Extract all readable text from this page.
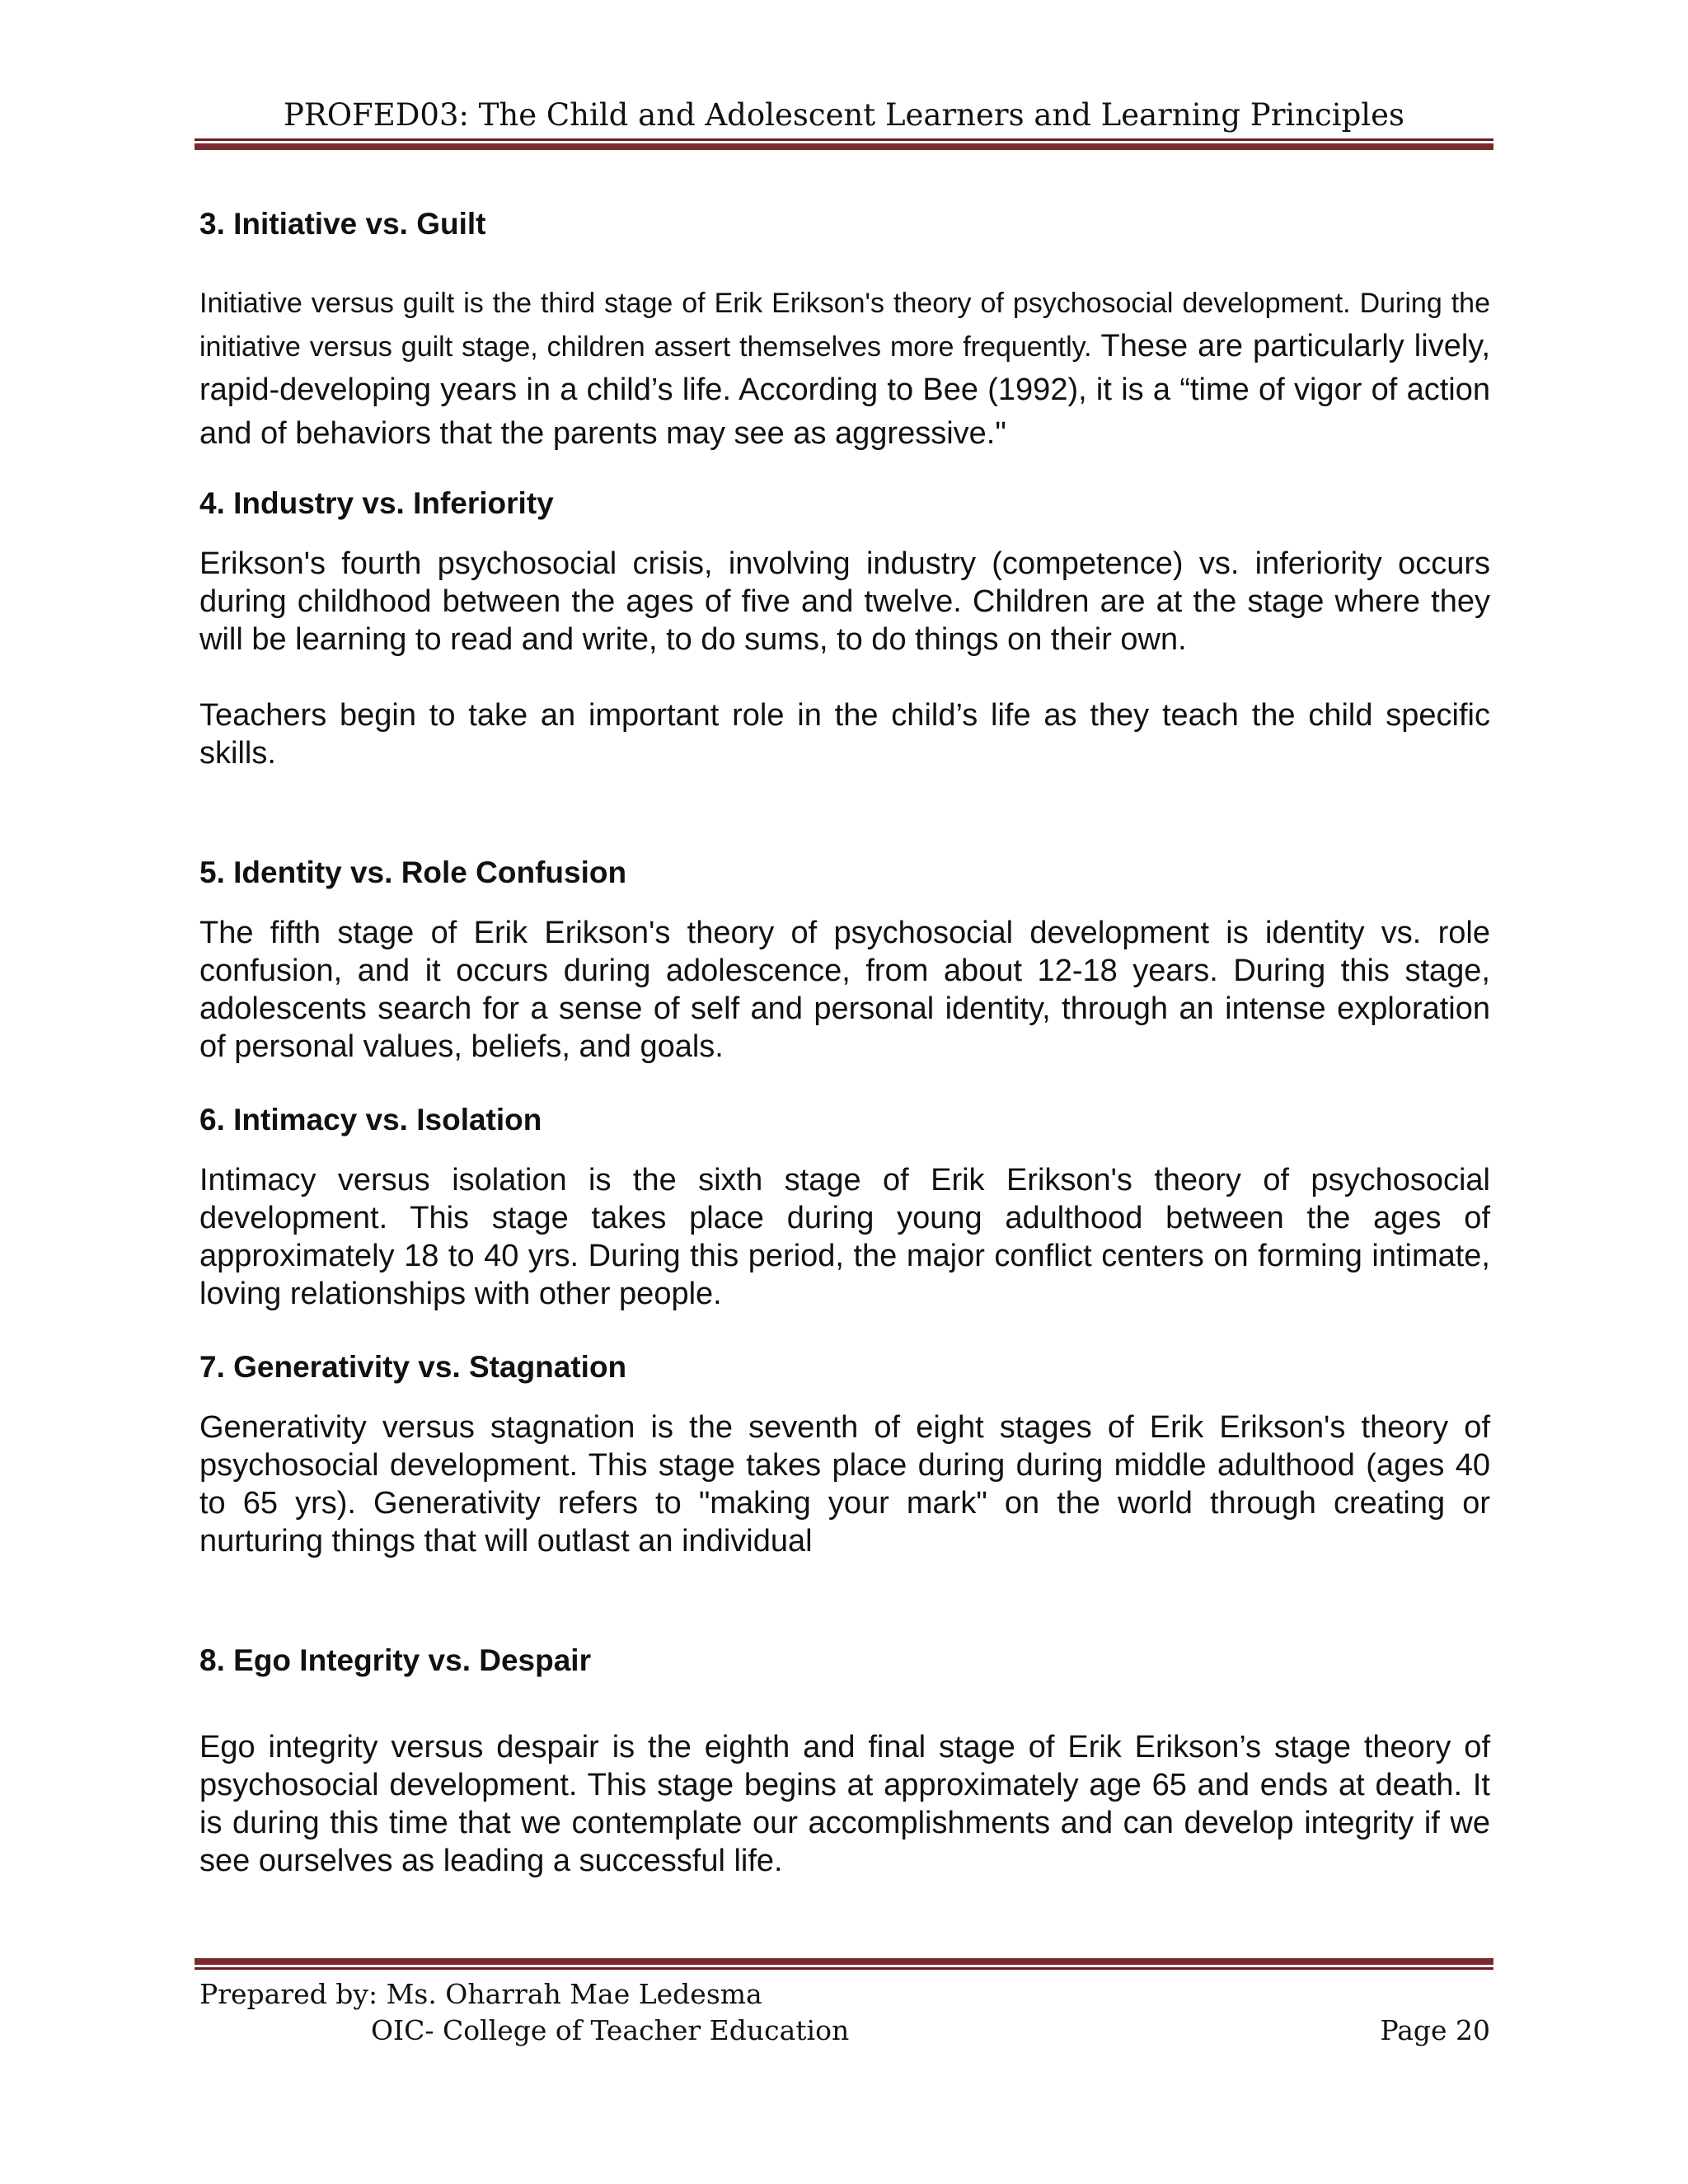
PROFED03: The Child and Adolescent Learners and Learning Principles
3. Initiative vs. Guilt

Initiative versus guilt is the third stage of Erik Erikson's theory of psychosocial development. During the initiative versus guilt stage, children assert themselves more frequently. These are particularly lively, rapid-developing years in a child’s life. According to Bee (1992), it is a “time of vigor of action and of behaviors that the parents may see as aggressive."

4. Industry vs. Inferiority

Erikson's fourth psychosocial crisis, involving industry (competence) vs. inferiority occurs during childhood between the ages of five and twelve. Children are at the stage where they will be learning to read and write, to do sums, to do things on their own.

Teachers begin to take an important role in the child’s life as they teach the child specific skills.

5. Identity vs. Role Confusion

The fifth stage of Erik Erikson's theory of psychosocial development is identity vs. role confusion, and it occurs during adolescence, from about 12-18 years. During this stage, adolescents search for a sense of self and personal identity, through an intense exploration of personal values, beliefs, and goals.

6. Intimacy vs. Isolation

Intimacy versus isolation is the sixth stage of Erik Erikson's theory of psychosocial development. This stage takes place during young adulthood between the ages of approximately 18 to 40 yrs. During this period, the major conflict centers on forming intimate, loving relationships with other people.

7. Generativity vs. Stagnation

Generativity versus stagnation is the seventh of eight stages of Erik Erikson's theory of psychosocial development. This stage takes place during during middle adulthood (ages 40 to 65 yrs). Generativity refers to "making your mark" on the world through creating or nurturing things that will outlast an individual

8. Ego Integrity vs. Despair

Ego integrity versus despair is the eighth and final stage of Erik Erikson’s stage theory of psychosocial development. This stage begins at approximately age 65 and ends at death. It is during this time that we contemplate our accomplishments and can develop integrity if we see ourselves as leading a successful life.

Prepared by: Ms. Oharrah Mae Ledesma
OIC- College of Teacher Education	Page 20
